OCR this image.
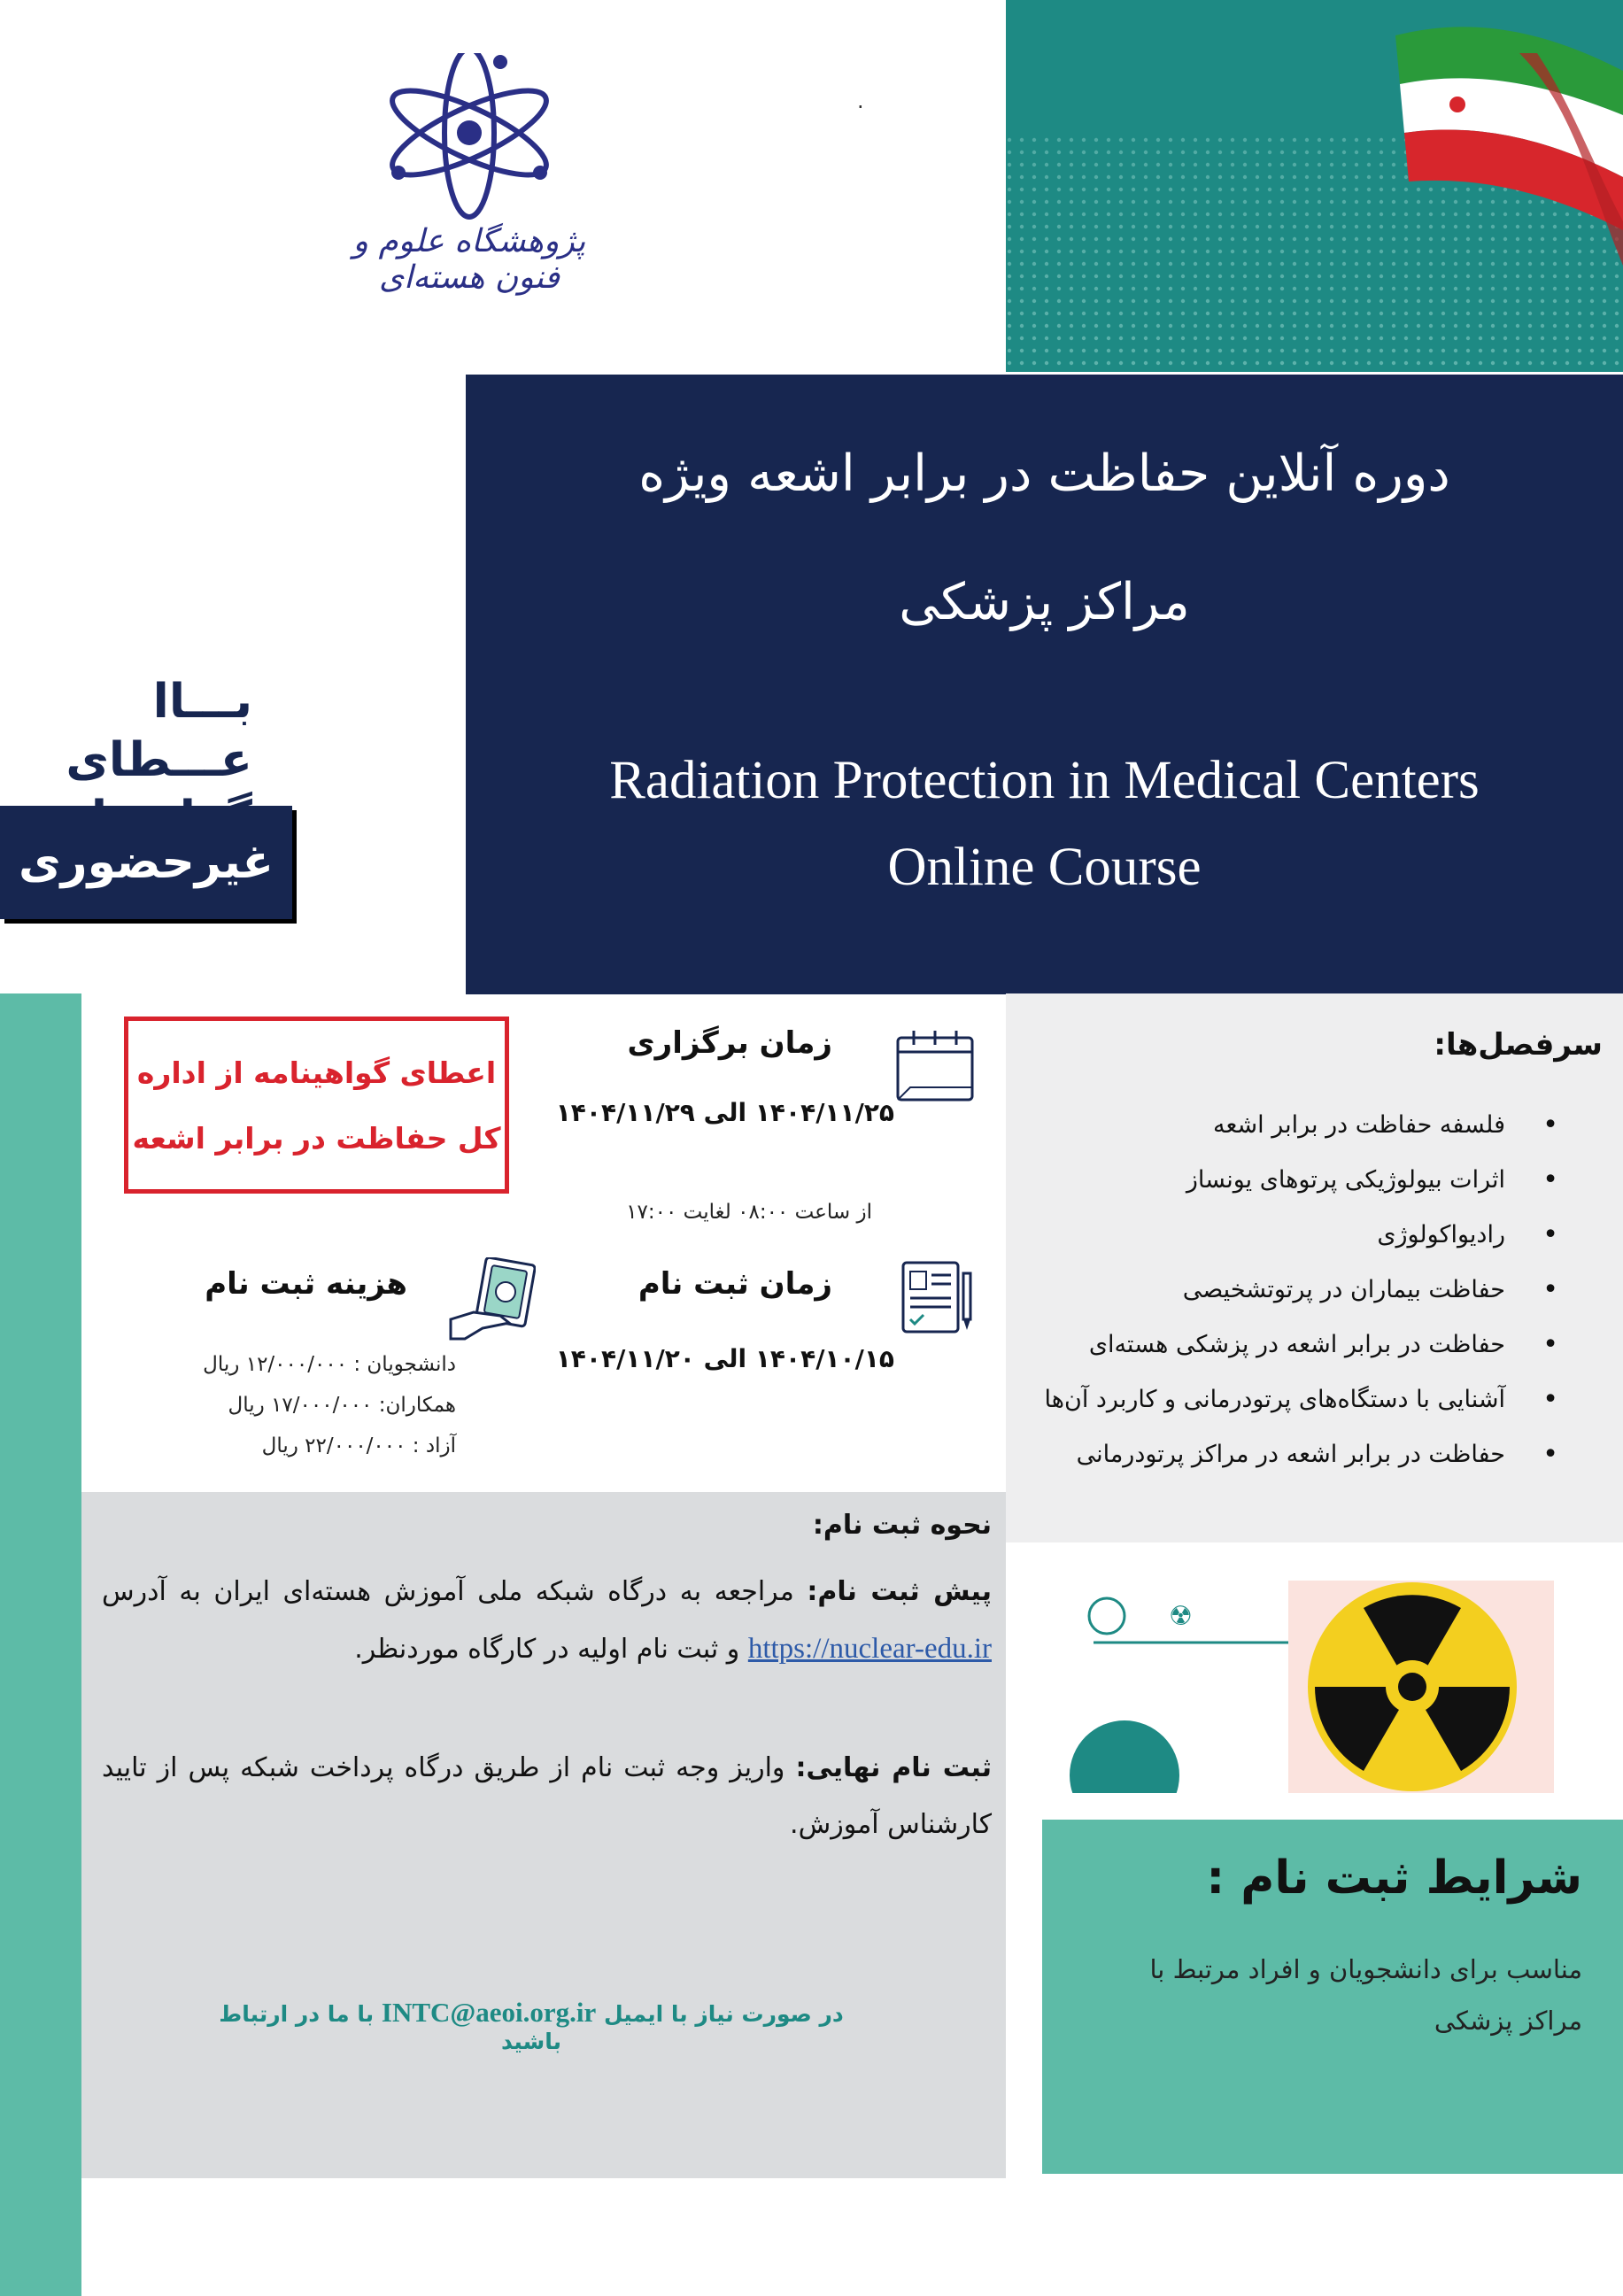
پژوهشگاه علوم و فنون هسته‌ای
.
دوره آنلاین حفاظت در برابر اشعه ویژه
مراکز پزشکی
Radiation Protection in Medical Centers
Online Course
بـــاا عـــطای
غیرحضوری
اعطای گواهینامه از اداره
کل حفاظت در برابر اشعه
زمان برگزاری
۱۴۰۴/۱۱/۲۵ الی ۱۴۰۴/۱۱/۲۹
از ساعت ۰۸:۰۰ لغایت ۱۷:۰۰
زمان ثبت نام
۱۴۰۴/۱۰/۱۵ الی ۱۴۰۴/۱۱/۲۰
هزینه ثبت نام
دانشجویان : ۱۲/۰۰۰/۰۰۰ ریال
همکاران: ۱۷/۰۰۰/۰۰۰ ریال
آزاد : ۲۲/۰۰۰/۰۰۰ ریال
سرفصل‌ها:
•
فلسفه حفاظت در برابر اشعه
•
اثرات بیولوژیکی پرتوهای یونساز
•
رادیواکولوژی
•
حفاظت بیماران در پرتوتشخیصی
•
حفاظت در برابر اشعه در پزشکی هسته‌ای
•
آشنایی با دستگاه‌های پرتودرمانی و کاربرد آن‌ها
•
حفاظت در برابر اشعه در مراکز پرتودرمانی
نحوه ثبت نام:
پیش ثبت نام: مراجعه به درگاه شبکه ملی آموزش هسته‌ای ایران به آدرس https://nuclear-edu.ir و ثبت نام اولیه در کارگاه موردنظر.
ثبت نام نهایی: واریز وجه ثبت نام از طریق درگاه پرداخت شبکه پس از تایید کارشناس آموزش.
در صورت نیاز با ایمیل INTC@aeoi.org.ir با ما در ارتباط باشید
☢
شرایط ثبت نام :
مناسب برای دانشجویان و افراد مرتبط با مراکز پزشکی
